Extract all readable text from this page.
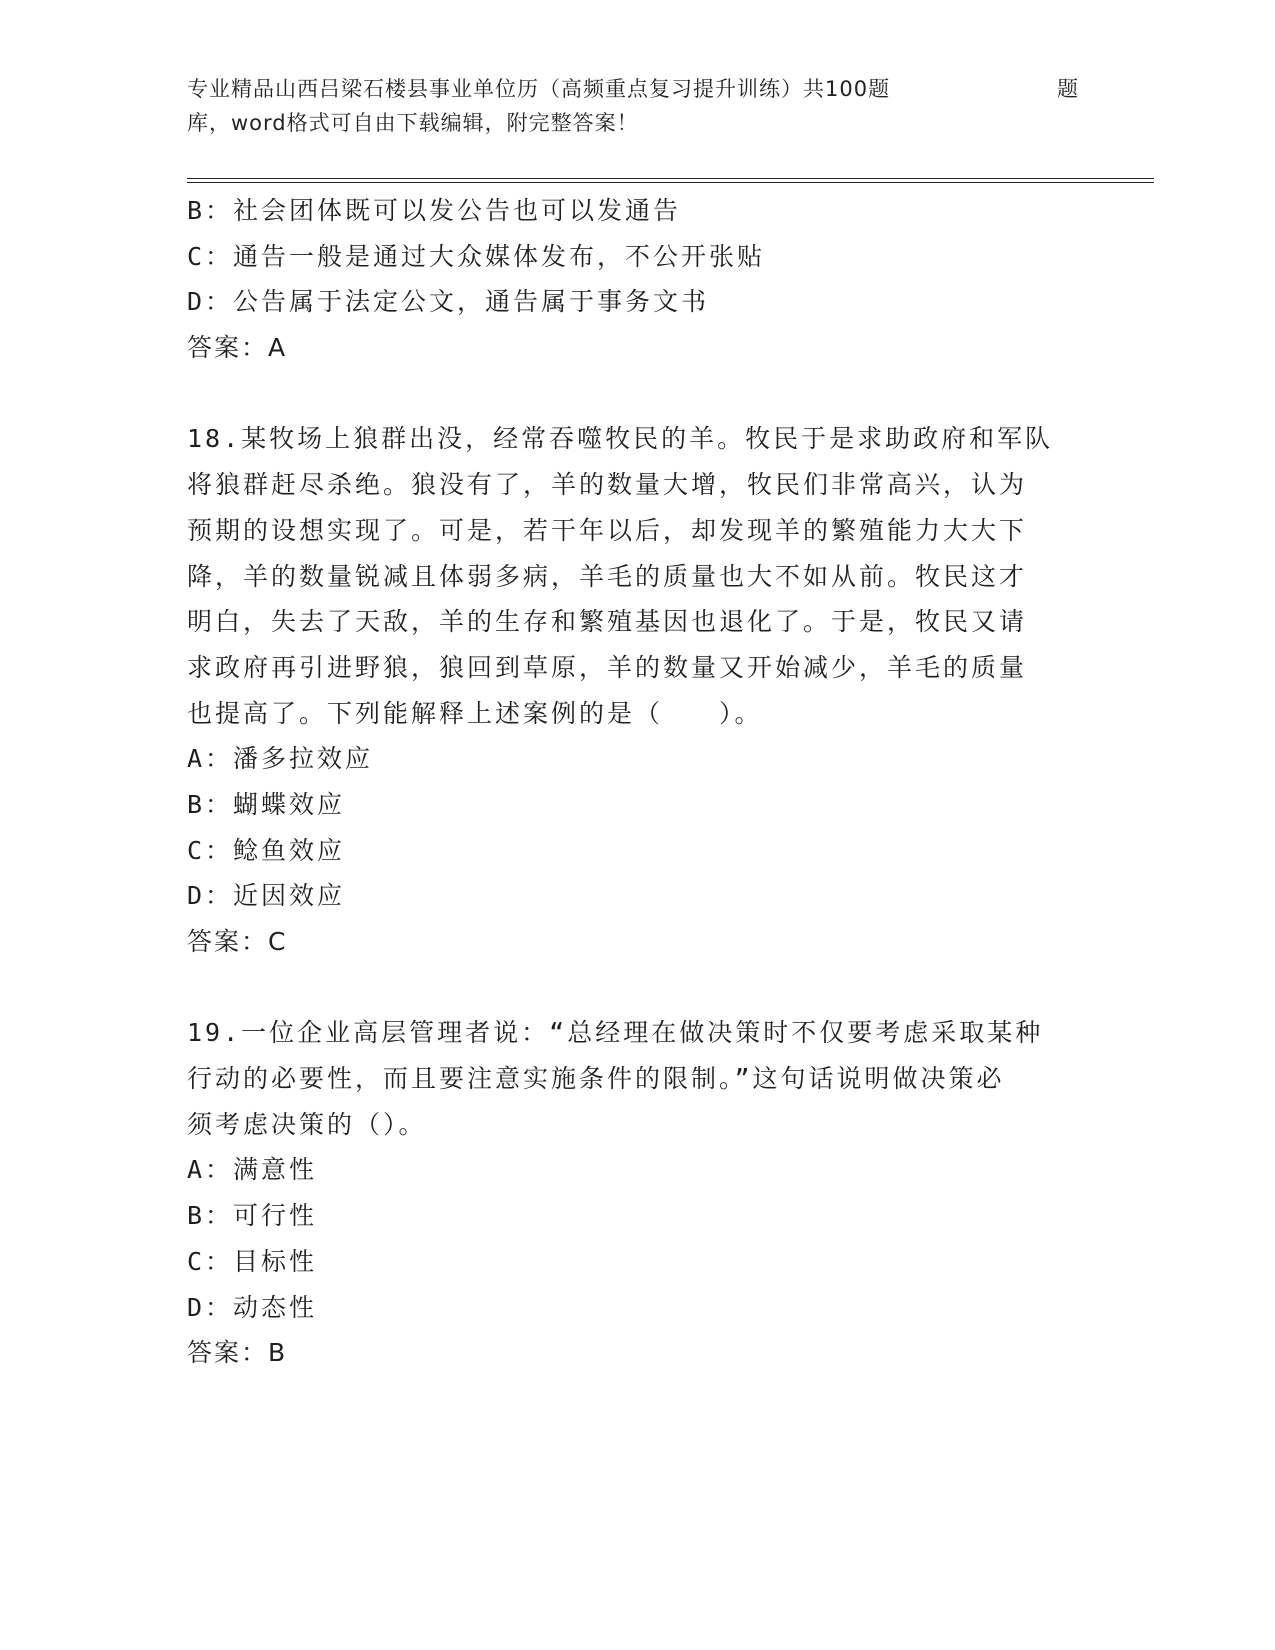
专业精品山西吕梁石楼县事业单位历（高频重点复习提升训练）共100题	题
库，word格式可自由下载编辑，附完整答案！
B：社会团体既可以发公告也可以发通告
C：通告一般是通过大众媒体发布，不公开张贴
D：公告属于法定公文，通告属于事务文书
答案：A
18.某牧场上狼群出没，经常吞噬牧民的羊。牧民于是求助政府和军队
将狼群赶尽杀绝。狼没有了，羊的数量大增，牧民们非常高兴，认为
预期的设想实现了。可是，若干年以后，却发现羊的繁殖能力大大下
降，羊的数量锐减且体弱多病，羊毛的质量也大不如从前。牧民这才
明白，失去了天敌，羊的生存和繁殖基因也退化了。于是，牧民又请
求政府再引进野狼，狼回到草原，羊的数量又开始减少，羊毛的质量
也提高了。下列能解释上述案例的是（　　）。
A：潘多拉效应
B：蝴蝶效应
C：鲶鱼效应
D：近因效应
答案：C
19.一位企业高层管理者说：“总经理在做决策时不仅要考虑采取某种
行动的必要性，而且要注意实施条件的限制。”这句话说明做决策必
须考虑决策的（）。
A：满意性
B：可行性
C：目标性
D：动态性
答案：B
